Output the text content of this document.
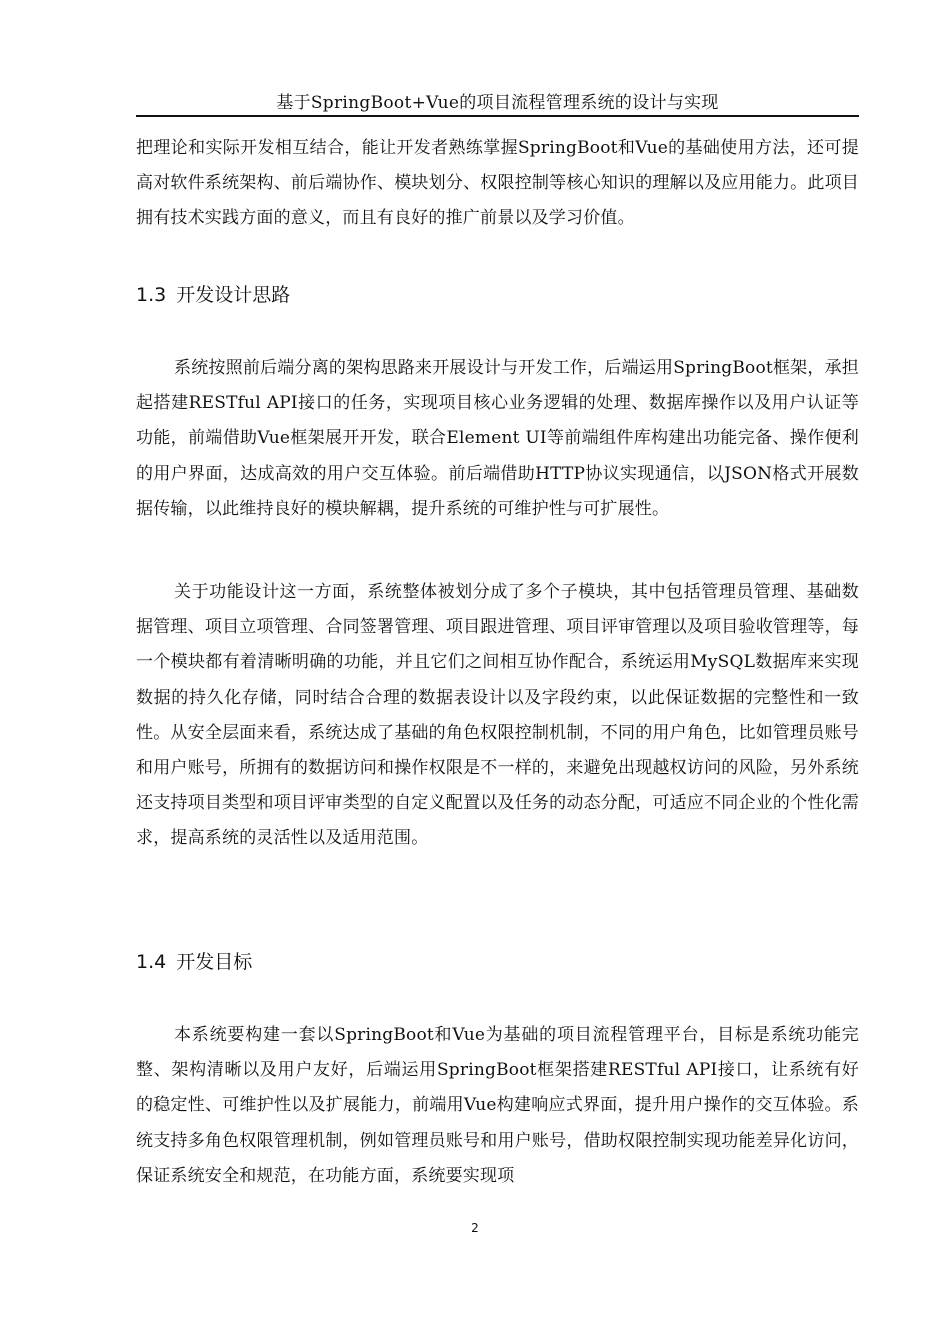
基于SpringBoot+Vue的项目流程管理系统的设计与实现

把理论和实际开发相互结合，能让开发者熟练掌握SpringBoot和Vue的基础使用方法，还可提高对软件系统架构、前后端协作、模块划分、权限控制等核心知识的理解以及应用能力。此项目拥有技术实践方面的意义，而且有良好的推广前景以及学习价值。

1.3 开发设计思路

系统按照前后端分离的架构思路来开展设计与开发工作，后端运用SpringBoot框架，承担起搭建RESTful API接口的任务，实现项目核心业务逻辑的处理、数据库操作以及用户认证等功能，前端借助Vue框架展开开发，联合Element UI等前端组件库构建出功能完备、操作便利的用户界面，达成高效的用户交互体验。前后端借助HTTP协议实现通信，以JSON格式开展数据传输，以此维持良好的模块解耦，提升系统的可维护性与可扩展性。

关于功能设计这一方面，系统整体被划分成了多个子模块，其中包括管理员管理、基础数据管理、项目立项管理、合同签署管理、项目跟进管理、项目评审管理以及项目验收管理等，每一个模块都有着清晰明确的功能，并且它们之间相互协作配合，系统运用MySQL数据库来实现数据的持久化存储，同时结合合理的数据表设计以及字段约束，以此保证数据的完整性和一致性。从安全层面来看，系统达成了基础的角色权限控制机制，不同的用户角色，比如管理员账号和用户账号，所拥有的数据访问和操作权限是不一样的，来避免出现越权访问的风险，另外系统还支持项目类型和项目评审类型的自定义配置以及任务的动态分配，可适应不同企业的个性化需求，提高系统的灵活性以及适用范围。

1.4 开发目标

本系统要构建一套以SpringBoot和Vue为基础的项目流程管理平台，目标是系统功能完整、架构清晰以及用户友好，后端运用SpringBoot框架搭建RESTful API接口，让系统有好的稳定性、可维护性以及扩展能力，前端用Vue构建响应式界面，提升用户操作的交互体验。系统支持多角色权限管理机制，例如管理员账号和用户账号，借助权限控制实现功能差异化访问，保证系统安全和规范，在功能方面，系统要实现项

2
